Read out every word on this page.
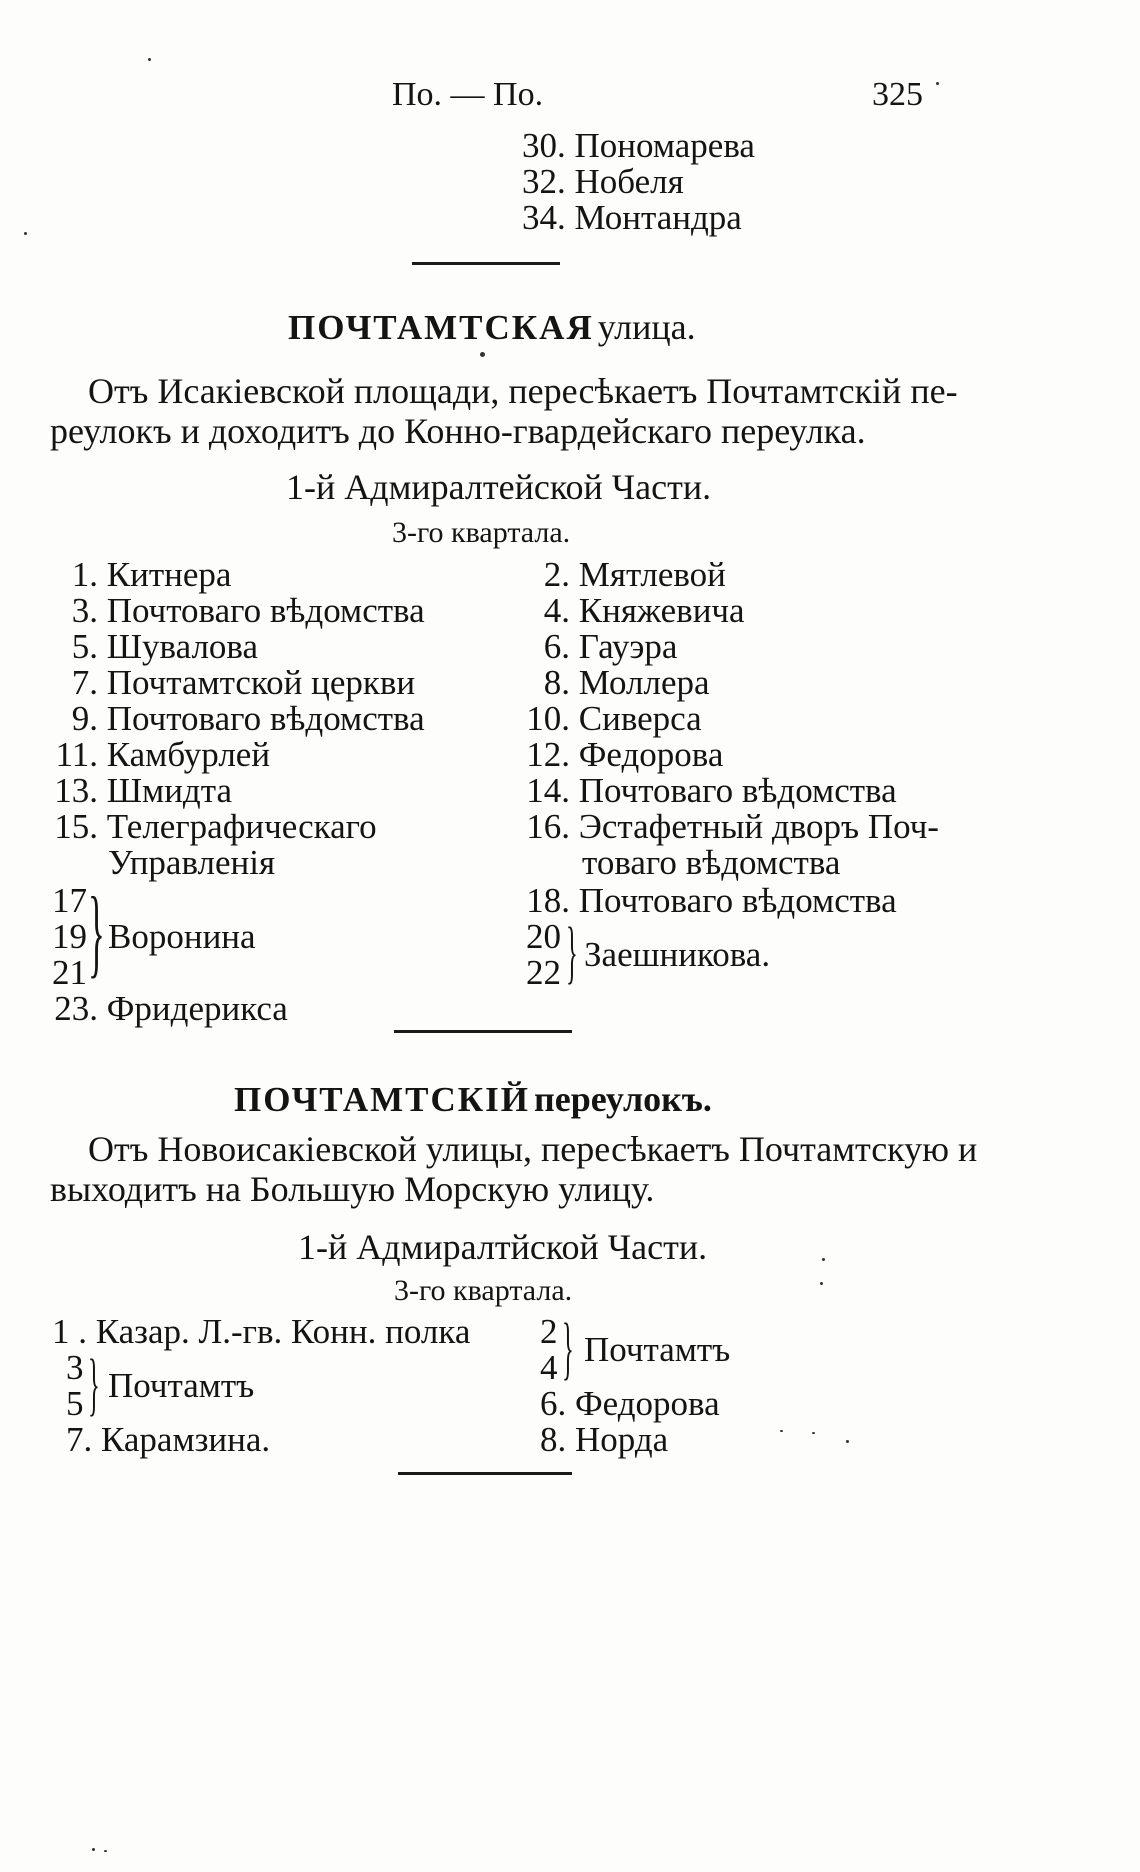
По. — По.	325
30. Пономарева
32. Нобеля
34. Монтандра
ПОЧТАМТСКАЯ улица.
Отъ Исакiевской площади, пересѣкаетъ Почтамтскiй пе-
реулокъ и доходитъ до Конно-гвардейскаго переулка.
1-й Адмиралтейской Части.
3-го квартала.
1. Китнера
3. Почтоваго вѣдомства
5. Шувалова
7. Почтамтской церкви
9. Почтоваго вѣдомства
11. Камбурлей
13. Шмидта
15. Телеграфическаго
Управленiя
17
19
21 } Воронина
23. Фридерикса
2. Мятлевой
4. Княжевича
6. Гауэра
8. Моллера
10. Сиверса
12. Федорова
14. Почтоваго вѣдомства
16. Эстафетный дворъ Поч-
товаго вѣдомства
18. Почтоваго вѣдомства
20
22 } Заешникова.
ПОЧТАМТСКIЙ переулокъ.
Отъ Новоисакiевской улицы, пересѣкаетъ Почтамтскую и
выходитъ на Большую Морскую улицу.
1-й Адмиралтйской Части.
3-го квартала.
1 . Казар. Л.-гв. Конн. полка
3
5 } Почтамтъ
7. Карамзина.
2
4 } Почтамтъ
6. Федорова
8. Норда
